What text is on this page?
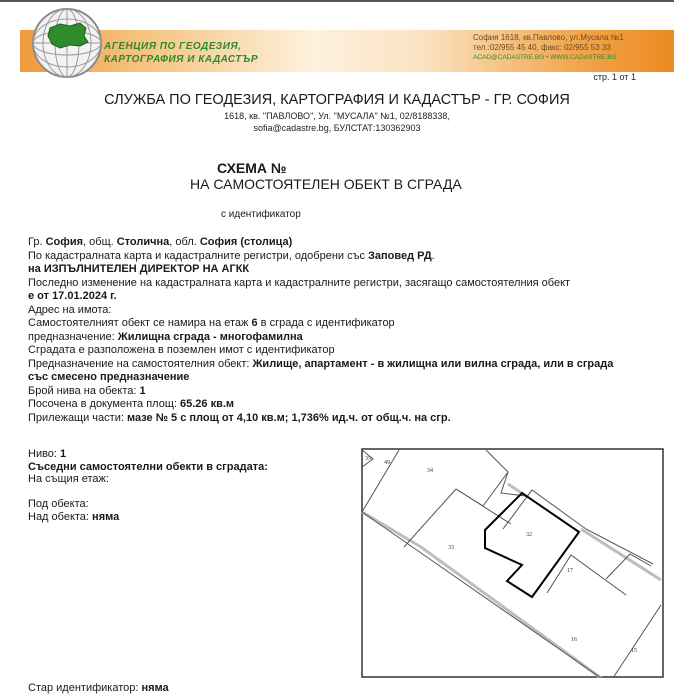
АГЕНЦИЯ ПО ГЕОДЕЗИЯ,
КАРТОГРАФИЯ И КАДАСТЪР
София 1618, кв.Павлово, ул.Мусала №1
тел.:02/955 45 40, факс: 02/955 53 33
ACAD@CADASTRE.BG • WWW.CADASTRE.BG
стр. 1 от 1
СЛУЖБА ПО ГЕОДЕЗИЯ, КАРТОГРАФИЯ И КАДАСТЪР - ГР. СОФИЯ
1618, кв. "ПАВЛОВО", Ул. "МУСАЛА" №1, 02/8188338,
sofia@cadastre.bg, БУЛСТАТ:130362903
СХЕМА №
НА САМОСТОЯТЕЛЕН ОБЕКТ В СГРАДА
с идентификатор
Гр. София, общ. Столична, обл. София (столица)
По кадастралната карта и кадастралните регистри, одобрени със Заповед РД.
на ИЗПЪЛНИТЕЛЕН ДИРЕКТОР НА АГКК
Последно изменение на кадастралната карта и кадастралните регистри, засягащо самостоятелния обект
е от 17.01.2024 г.
Адрес на имота:
Самостоятелният обект се намира на етаж 6 в сграда с идентификатор
предназначение: Жилищна сграда - многофамилна
Сградата е разположена в поземлен имот с идентификатор
Предназначение на самостоятелния обект: Жилище, апартамент - в жилищна или вилна сграда, или в сграда със смесено предназначение
Брой нива на обекта: 1
Посочена в документа площ: 65.26 кв.м
Прилежащи части: мазе № 5 с площ от 4,10 кв.м; 1,736% ид.ч. от общ.ч. на сгр.
Ниво: 1
Съседни самостоятелни обекти в сградата:
На същия етаж:
Под обекта:
Над обекта: няма
35
49
34
33
32
17
16
15
Стар идентификатор: няма
